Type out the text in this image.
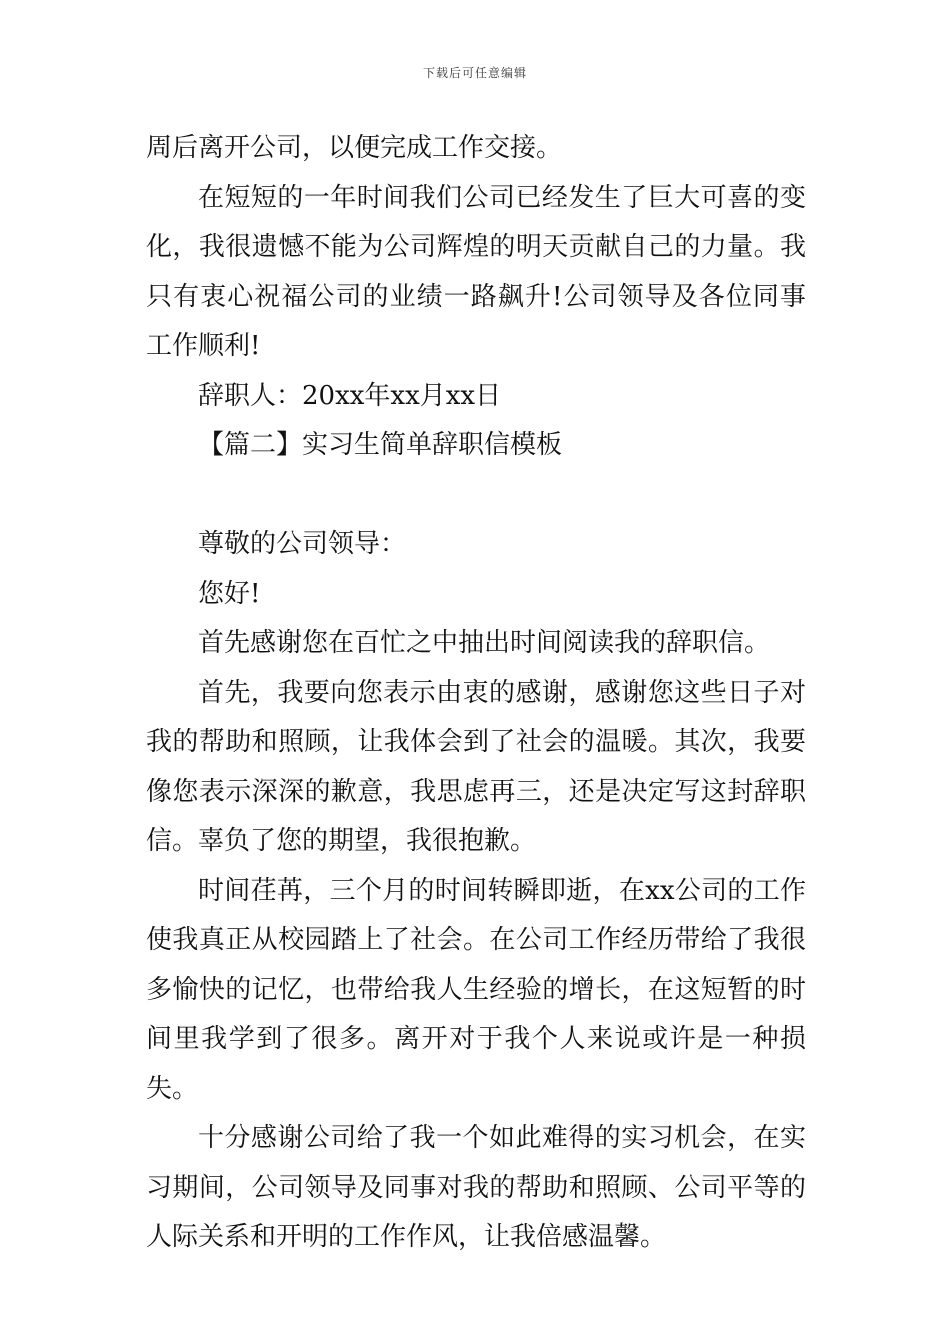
下载后可任意编辑

周后离开公司，以便完成工作交接。

在短短的一年时间我们公司已经发生了巨大可喜的变化，我很遗憾不能为公司辉煌的明天贡献自己的力量。我只有衷心祝福公司的业绩一路飙升!公司领导及各位同事工作顺利!

辞职人：20xx年xx月xx日

【篇二】实习生简单辞职信模板

尊敬的公司领导：

您好!

首先感谢您在百忙之中抽出时间阅读我的辞职信。

首先，我要向您表示由衷的感谢，感谢您这些日子对我的帮助和照顾，让我体会到了社会的温暖。其次，我要像您表示深深的歉意，我思虑再三，还是决定写这封辞职信。辜负了您的期望，我很抱歉。

时间荏苒，三个月的时间转瞬即逝，在xx公司的工作使我真正从校园踏上了社会。在公司工作经历带给了我很多愉快的记忆，也带给我人生经验的增长，在这短暂的时间里我学到了很多。离开对于我个人来说或许是一种损失。

十分感谢公司给了我一个如此难得的实习机会，在实习期间，公司领导及同事对我的帮助和照顾、公司平等的人际关系和开明的工作作风，让我倍感温馨。
